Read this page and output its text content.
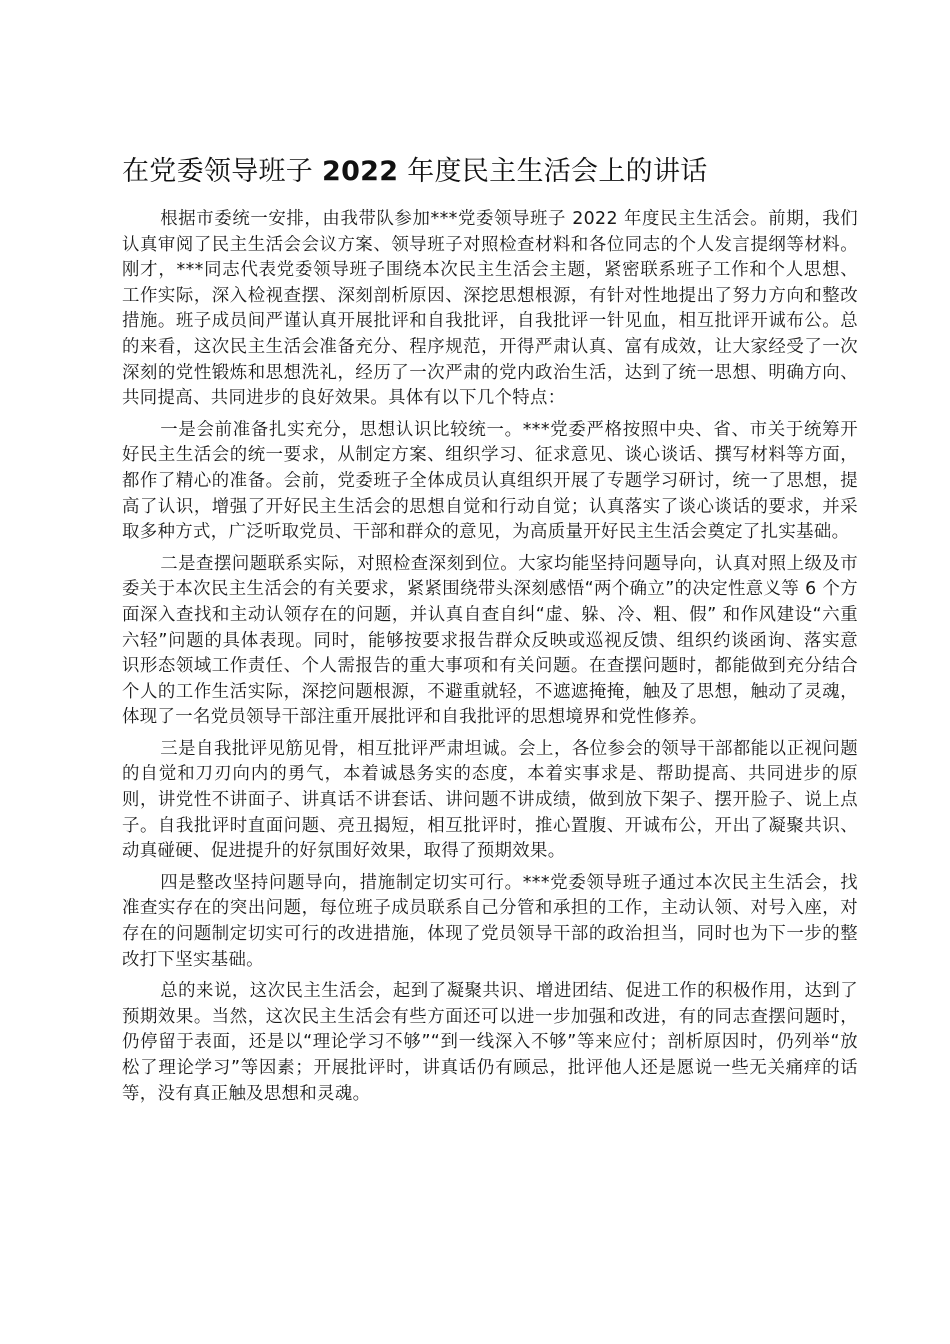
在党委领导班子 2022 年度民主生活会上的讲话

根据市委统一安排，由我带队参加***党委领导班子 2022 年度民主生活会。前期，我们认真审阅了民主生活会会议方案、领导班子对照检查材料和各位同志的个人发言提纲等材料。刚才，***同志代表党委领导班子围绕本次民主生活会主题，紧密联系班子工作和个人思想、工作实际，深入检视查摆、深刻剖析原因、深挖思想根源，有针对性地提出了努力方向和整改措施。班子成员间严谨认真开展批评和自我批评，自我批评一针见血，相互批评开诚布公。总的来看，这次民主生活会准备充分、程序规范，开得严肃认真、富有成效，让大家经受了一次深刻的党性锻炼和思想洗礼，经历了一次严肃的党内政治生活，达到了统一思想、明确方向、共同提高、共同进步的良好效果。具体有以下几个特点：

一是会前准备扎实充分，思想认识比较统一。***党委严格按照中央、省、市关于统筹开好民主生活会的统一要求，从制定方案、组织学习、征求意见、谈心谈话、撰写材料等方面，都作了精心的准备。会前，党委班子全体成员认真组织开展了专题学习研讨，统一了思想，提高了认识，增强了开好民主生活会的思想自觉和行动自觉；认真落实了谈心谈话的要求，并采取多种方式，广泛听取党员、干部和群众的意见，为高质量开好民主生活会奠定了扎实基础。

二是查摆问题联系实际，对照检查深刻到位。大家均能坚持问题导向，认真对照上级及市委关于本次民主生活会的有关要求，紧紧围绕带头深刻感悟“两个确立”的决定性意义等 6 个方面深入查找和主动认领存在的问题，并认真自查自纠“虚、躲、冷、粗、假” 和作风建设“六重六轻”问题的具体表现。同时，能够按要求报告群众反映或巡视反馈、组织约谈函询、落实意识形态领域工作责任、个人需报告的重大事项和有关问题。在查摆问题时，都能做到充分结合个人的工作生活实际，深挖问题根源，不避重就轻，不遮遮掩掩，触及了思想，触动了灵魂，体现了一名党员领导干部注重开展批评和自我批评的思想境界和党性修养。

三是自我批评见筋见骨，相互批评严肃坦诚。会上，各位参会的领导干部都能以正视问题的自觉和刀刃向内的勇气，本着诚恳务实的态度，本着实事求是、帮助提高、共同进步的原则，讲党性不讲面子、讲真话不讲套话、讲问题不讲成绩，做到放下架子、摆开脸子、说上点子。自我批评时直面问题、亮丑揭短，相互批评时，推心置腹、开诚布公，开出了凝聚共识、动真碰硬、促进提升的好氛围好效果，取得了预期效果。

四是整改坚持问题导向，措施制定切实可行。***党委领导班子通过本次民主生活会，找准查实存在的突出问题，每位班子成员联系自己分管和承担的工作，主动认领、对号入座，对存在的问题制定切实可行的改进措施，体现了党员领导干部的政治担当，同时也为下一步的整改打下坚实基础。

总的来说，这次民主生活会，起到了凝聚共识、增进团结、促进工作的积极作用，达到了预期效果。当然，这次民主生活会有些方面还可以进一步加强和改进，有的同志查摆问题时，仍停留于表面，还是以“理论学习不够”“到一线深入不够”等来应付；剖析原因时，仍列举“放松了理论学习”等因素；开展批评时，讲真话仍有顾忌，批评他人还是愿说一些无关痛痒的话等，没有真正触及思想和灵魂。
